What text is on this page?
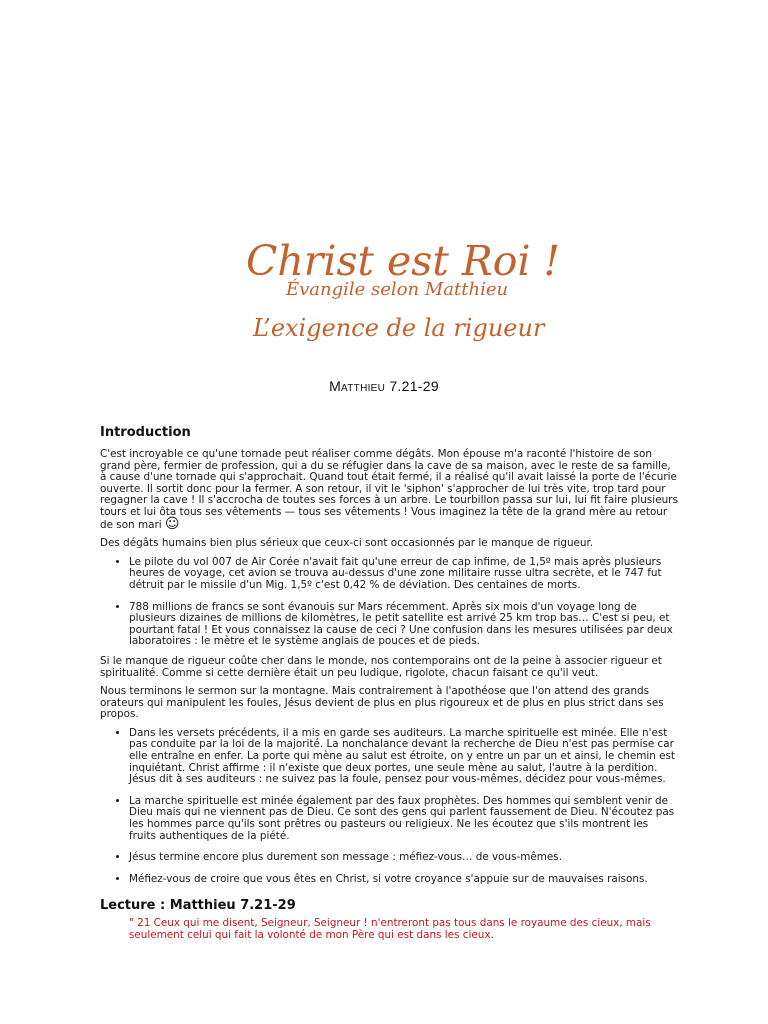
Christ est Roi !
Évangile selon Matthieu
L’exigence de la rigueur
Matthieu 7.21-29
Introduction

C'est incroyable ce qu'une tornade peut réaliser comme dégâts. Mon épouse m'a raconté l'histoire de son grand père, fermier de profession, qui a du se réfugier dans la cave de sa maison, avec le reste de sa famille, à cause d'une tornade qui s'approchait. Quand tout était fermé, il a réalisé qu'il avait laissé la porte de l'écurie ouverte. Il sortit donc pour la fermer. A son retour, il vit le 'siphon' s'approcher de lui très vite, trop tard pour regagner la cave ! Il s'accrocha de toutes ses forces à un arbre. Le tourbillon passa sur lui, lui fit faire plusieurs tours et lui ôta tous ses vêtements — tous ses vêtements ! Vous imaginez la tête de la grand mère au retour de son mari ☺

Des dégâts humains bien plus sérieux que ceux-ci sont occasionnés par le manque de rigueur.

• Le pilote du vol 007 de Air Corée n'avait fait qu'une erreur de cap infime, de 1,5º mais après plusieurs heures de voyage, cet avion se trouva au-dessus d'une zone militaire russe ultra secrète, et le 747 fut détruit par le missile d'un Mig. 1,5º c'est 0,42 % de déviation. Des centaines de morts.
• 788 millions de francs se sont évanouis sur Mars récemment. Après six mois d'un voyage long de plusieurs dizaines de millions de kilomètres, le petit satellite est arrivé 25 km trop bas… C'est si peu, et pourtant fatal ! Et vous connaissez la cause de ceci ? Une confusion dans les mesures utilisées par deux laboratoires : le mètre et le système anglais de pouces et de pieds.

Si le manque de rigueur coûte cher dans le monde, nos contemporains ont de la peine à associer rigueur et spiritualité. Comme si cette dernière était un peu ludique, rigolote, chacun faisant ce qu'il veut.

Nous terminons le sermon sur la montagne. Mais contrairement à l'apothéose que l'on attend des grands orateurs qui manipulent les foules, Jésus devient de plus en plus rigoureux et de plus en plus strict dans ses propos.

• Dans les versets précédents, il a mis en garde ses auditeurs. La marche spirituelle est minée. Elle n'est pas conduite par la loi de la majorité. La nonchalance devant la recherche de Dieu n'est pas permise car elle entraîne en enfer. La porte qui mène au salut est étroite, on y entre un par un et ainsi, le chemin est inquiétant. Christ affirme : il n'existe que deux portes, une seule mène au salut, l'autre à la perdition. Jésus dit à ses auditeurs : ne suivez pas la foule, pensez pour vous-mêmes, décidez pour vous-mêmes.
• La marche spirituelle est minée également par des faux prophètes. Des hommes qui semblent venir de Dieu mais qui ne viennent pas de Dieu. Ce sont des gens qui parlent faussement de Dieu. N'écoutez pas les hommes parce qu'ils sont prêtres ou pasteurs ou religieux. Ne les écoutez que s'ils montrent les fruits authentiques de la piété.
• Jésus termine encore plus durement son message : méfiez-vous… de vous-mêmes.
• Méfiez-vous de croire que vous êtes en Christ, si votre croyance s'appuie sur de mauvaises raisons.
Lecture : Matthieu 7.21-29

" 21 Ceux qui me disent, Seigneur, Seigneur ! n'entreront pas tous dans le royaume des cieux, mais seulement celui qui fait la volonté de mon Père qui est dans les cieux.
